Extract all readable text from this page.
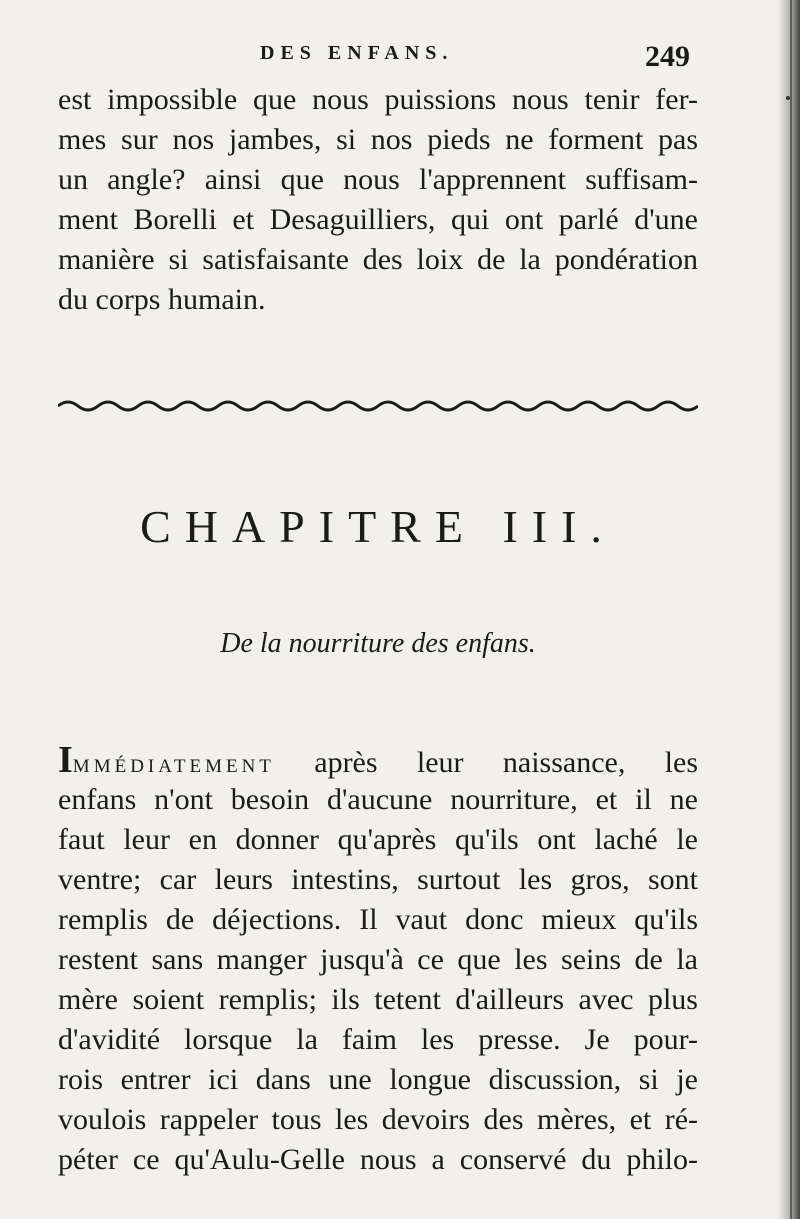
DES ENFANS.	249
est impossible que nous puissions nous tenir fer-
mes sur nos jambes, si nos pieds ne forment pas
un angle? ainsi que nous l'apprennent suffisam-
ment Borelli et Desaguilliers, qui ont parlé d'une
manière si satisfaisante des loix de la pondération
du corps humain.
CHAPITRE III.
De la nourriture des enfans.
IMMÉDIATEMENT après leur naissance, les
enfans n'ont besoin d'aucune nourriture, et il ne
faut leur en donner qu'après qu'ils ont laché le
ventre; car leurs intestins, surtout les gros, sont
remplis de déjections. Il vaut donc mieux qu'ils
restent sans manger jusqu'à ce que les seins de la
mère soient remplis; ils tetent d'ailleurs avec plus
d'avidité lorsque la faim les presse. Je pour-
rois entrer ici dans une longue discussion, si je
voulois rappeler tous les devoirs des mères, et ré-
péter ce qu'Aulu-Gelle nous a conservé du philo-
